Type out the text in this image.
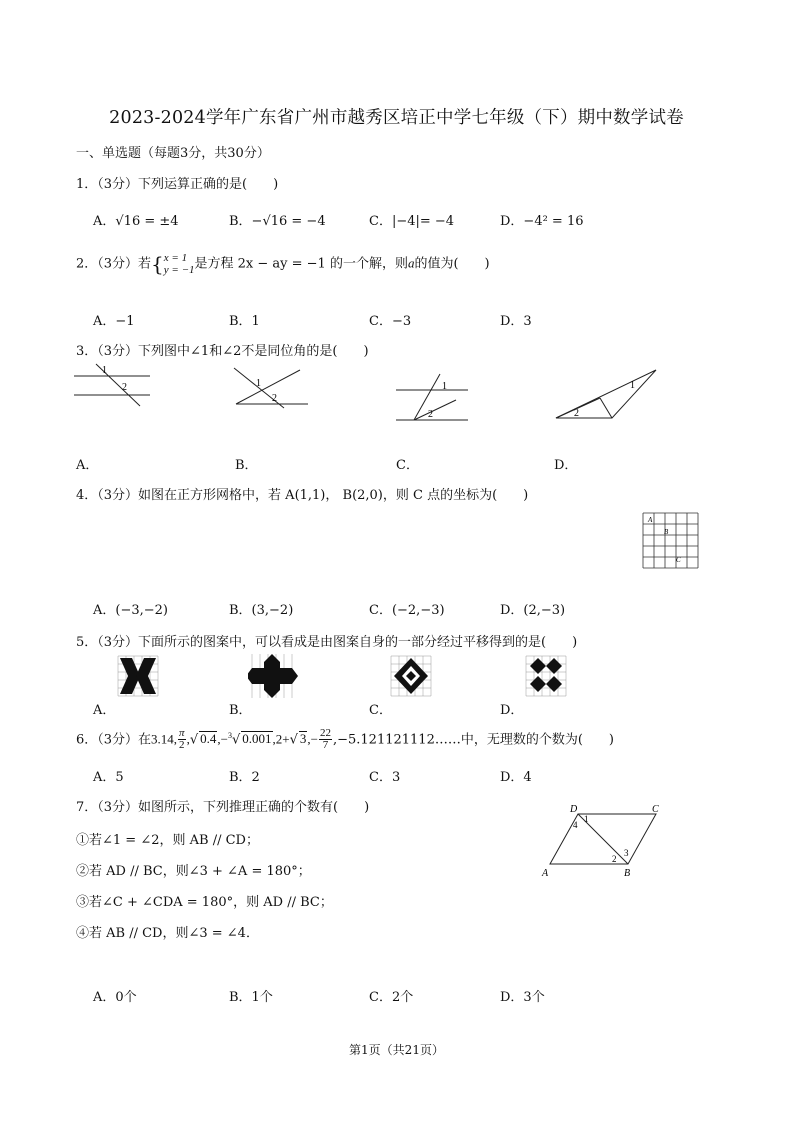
2023-2024学年广东省广州市越秀区培正中学七年级（下）期中数学试卷
一、单选题（每题3分，共30分）
1．（3分）下列运算正确的是(　　)
A．√16 = ±4	B．−√16 = −4	C．|−4|= −4	D．−4² = 16
2．（3分）若{ x = 1
y = −1 是方程 2x − ay = −1 的一个解，则a的值为(　　)
A．−1	B．1	C．−3	D．3
3．（3分）下列图中∠1和∠2不是同位角的是(　　)
1
2	1
2
1
2
1
2
A．	B．	C．	D．
4．（3分）如图在正方形网格中，若 A(1,1)， B(2,0)，则 C 点的坐标为(　　)
A
B
C
A．(−3,−2)	B．(3,−2)	C．(−2,−3)	D．(2,−3)
5．（3分）下面所示的图案中，可以看成是由图案自身的一部分经过平移得到的是(　　)
A．	B．	C．	D．
6．（3分）在3.14, $\frac{\pi}{2}$ ,√ 0.4,−$^3$√ 0.001,2+√ $3,- \frac{22}{7}$ ,−5.121121112……中，无理数的个数为(　　)
A．5	B．2	C．3	D．4
7．（3分）如图所示，下列推理正确的个数有(　　)
①若∠1 = ∠2，则 AB // CD；
②若 AD // BC，则∠3 + ∠A = 180°；
③若∠C + ∠CDA = 180°，则 AD // BC；
④若 AB // CD，则∠3 = ∠4．
D	C
A	B
1
2
3
4
A．0个	B．1个	C．2个	D．3个
第1页（共21页）
